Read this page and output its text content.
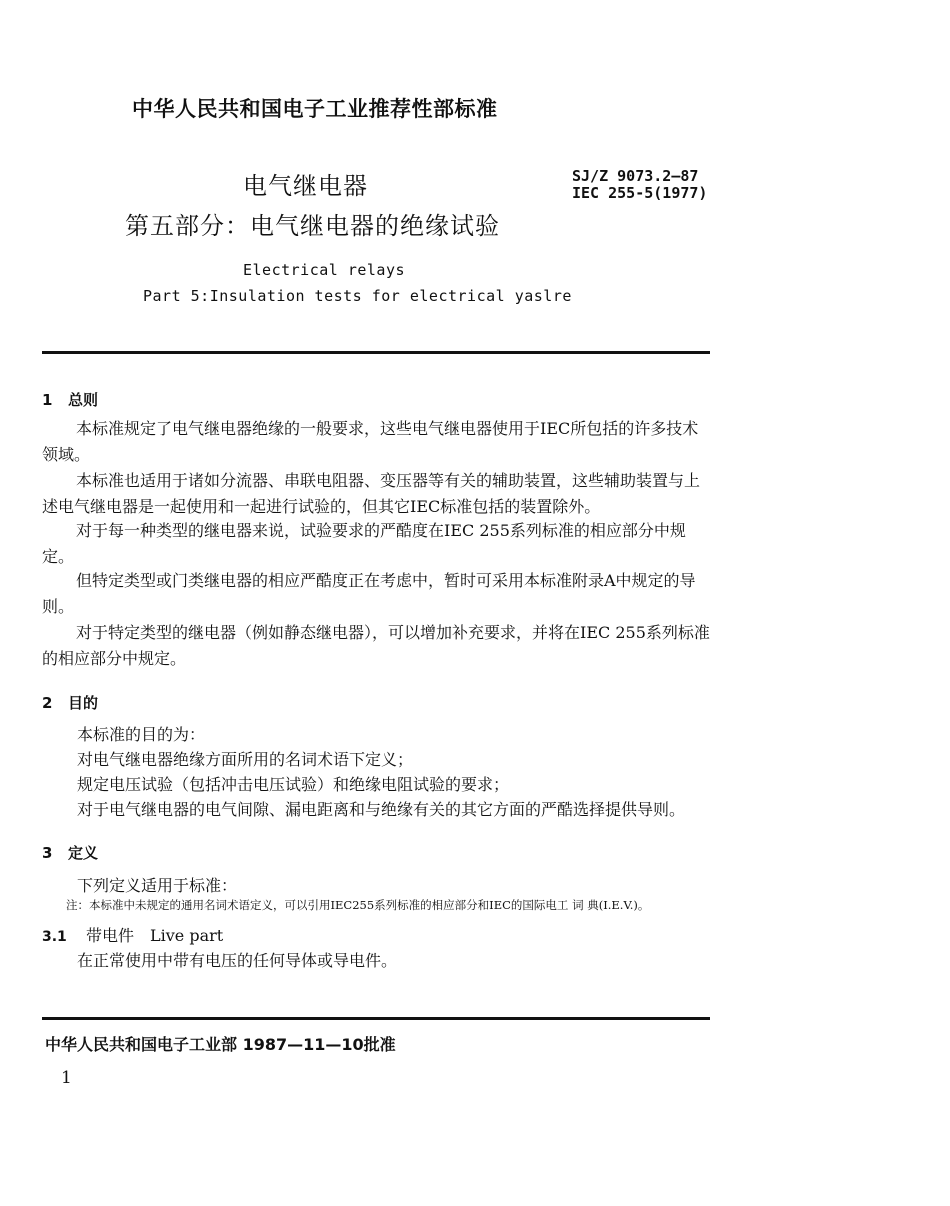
中华人民共和国电子工业推荐性部标准
电气继电器
第五部分：电气继电器的绝缘试验
SJ/Z 9073.2—87
IEC 255-5(1977)
Electrical relays
Part 5:Insulation tests for electrical yaslre
1 总则
本标准规定了电气继电器绝缘的一般要求，这些电气继电器使用于IEC所包括的许多技术领域。
本标准也适用于诸如分流器、串联电阻器、变压器等有关的辅助装置，这些辅助装置与上述电气继电器是一起使用和一起进行试验的，但其它IEC标准包括的装置除外。
对于每一种类型的继电器来说，试验要求的严酷度在IEC 255系列标准的相应部分中规定。
但特定类型或门类继电器的相应严酷度正在考虑中，暂时可采用本标准附录A中规定的导则。
对于特定类型的继电器（例如静态继电器），可以增加补充要求，并将在IEC 255系列标准的相应部分中规定。
2 目的
本标准的目的为：
对电气继电器绝缘方面所用的名词术语下定义；
规定电压试验（包括冲击电压试验）和绝缘电阻试验的要求；
对于电气继电器的电气间隙、漏电距离和与绝缘有关的其它方面的严酷选择提供导则。
3 定义
下列定义适用于标准：
注：本标准中未规定的通用名词术语定义，可以引用IEC255系列标准的相应部分和IEC的国际电工 词 典(I.E.V.)。
3.1 带电件　Live part
在正常使用中带有电压的任何导体或导电件。
中华人民共和国电子工业部 1987—11—10批准
1
